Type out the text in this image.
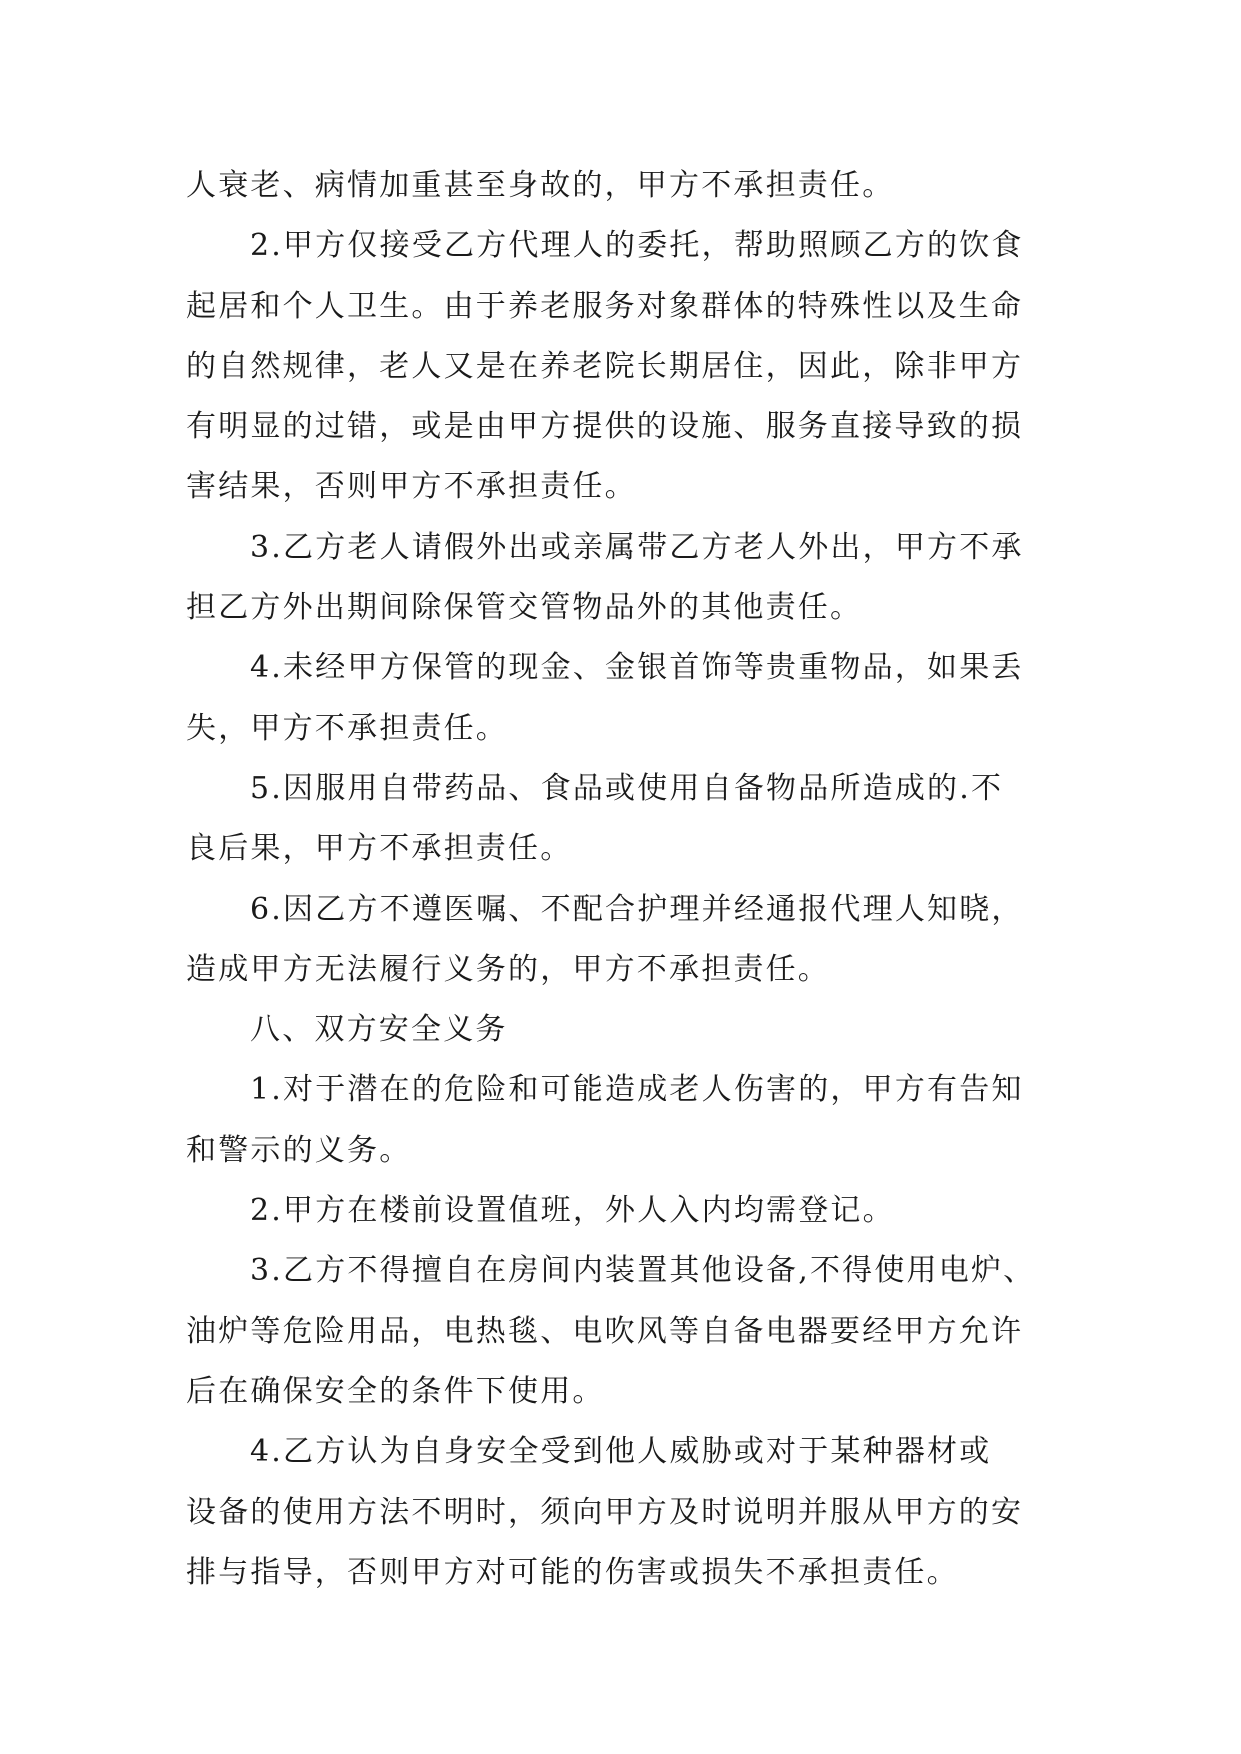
人衰老、病情加重甚至身故的，甲方不承担责任。
2.甲方仅接受乙方代理人的委托，帮助照顾乙方的饮食
起居和个人卫生。由于养老服务对象群体的特殊性以及生命
的自然规律，老人又是在养老院长期居住，因此，除非甲方
有明显的过错，或是由甲方提供的设施、服务直接导致的损
害结果，否则甲方不承担责任。
3.乙方老人请假外出或亲属带乙方老人外出，甲方不承
担乙方外出期间除保管交管物品外的其他责任。
4.未经甲方保管的现金、金银首饰等贵重物品，如果丢
失，甲方不承担责任。
5.因服用自带药品、食品或使用自备物品所造成的.不
良后果，甲方不承担责任。
6.因乙方不遵医嘱、不配合护理并经通报代理人知晓，
造成甲方无法履行义务的，甲方不承担责任。
八、双方安全义务
1.对于潜在的危险和可能造成老人伤害的，甲方有告知
和警示的义务。
2.甲方在楼前设置值班，外人入内均需登记。
3.乙方不得擅自在房间内装置其他设备,不得使用电炉、
油炉等危险用品，电热毯、电吹风等自备电器要经甲方允许
后在确保安全的条件下使用。
4.乙方认为自身安全受到他人威胁或对于某种器材或
设备的使用方法不明时，须向甲方及时说明并服从甲方的安
排与指导，否则甲方对可能的伤害或损失不承担责任。
